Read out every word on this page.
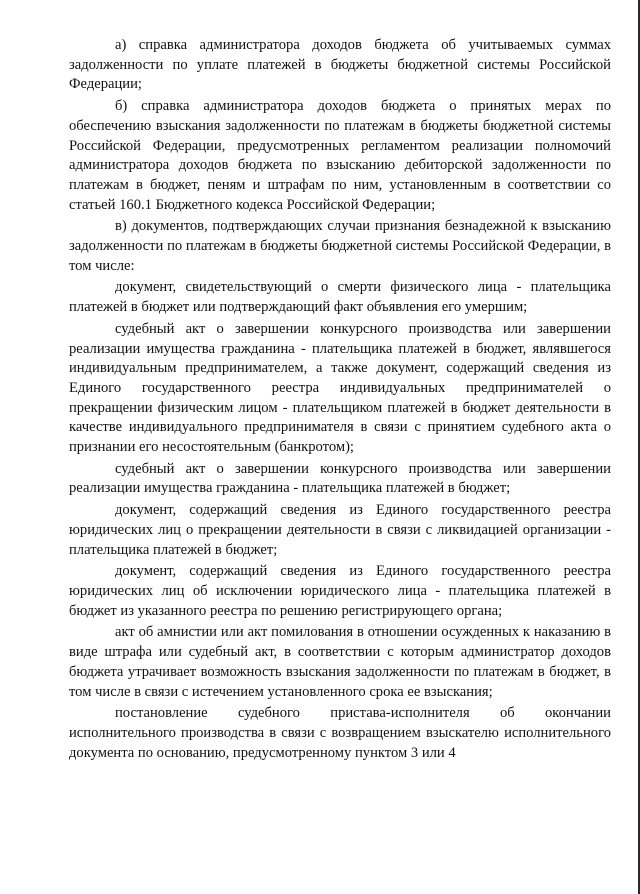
а) справка администратора доходов бюджета об учитываемых суммах задолженности по уплате платежей в бюджеты бюджетной системы Российской Федерации;

б) справка администратора доходов бюджета о принятых мерах по обеспечению взыскания задолженности по платежам в бюджеты бюджетной системы Российской Федерации, предусмотренных регламентом реализации полномочий администратора доходов бюджета по взысканию дебиторской задолженности по платежам в бюджет, пеням и штрафам по ним, установленным в соответствии со статьей 160.1 Бюджетного кодекса Российской Федерации;

в) документов, подтверждающих случаи признания безнадежной к взысканию задолженности по платежам в бюджеты бюджетной системы Российской Федерации, в том числе:

документ, свидетельствующий о смерти физического лица - плательщика платежей в бюджет или подтверждающий факт объявления его умершим;

судебный акт о завершении конкурсного производства или завершении реализации имущества гражданина - плательщика платежей в бюджет, являвшегося индивидуальным предпринимателем, а также документ, содержащий сведения из Единого государственного реестра индивидуальных предпринимателей о прекращении физическим лицом - плательщиком платежей в бюджет деятельности в качестве индивидуального предпринимателя в связи с принятием судебного акта о признании его несостоятельным (банкротом);

судебный акт о завершении конкурсного производства или завершении реализации имущества гражданина - плательщика платежей в бюджет;

документ, содержащий сведения из Единого государственного реестра юридических лиц о прекращении деятельности в связи с ликвидацией организации - плательщика платежей в бюджет;

документ, содержащий сведения из Единого государственного реестра юридических лиц об исключении юридического лица - плательщика платежей в бюджет из указанного реестра по решению регистрирующего органа;

акт об амнистии или акт помилования в отношении осужденных к наказанию в виде штрафа или судебный акт, в соответствии с которым администратор доходов бюджета утрачивает возможность взыскания задолженности по платежам в бюджет, в том числе в связи с истечением установленного срока ее взыскания;

постановление судебного пристава-исполнителя об окончании исполнительного производства в связи с возвращением взыскателю исполнительного документа по основанию, предусмотренному пунктом 3 или 4
